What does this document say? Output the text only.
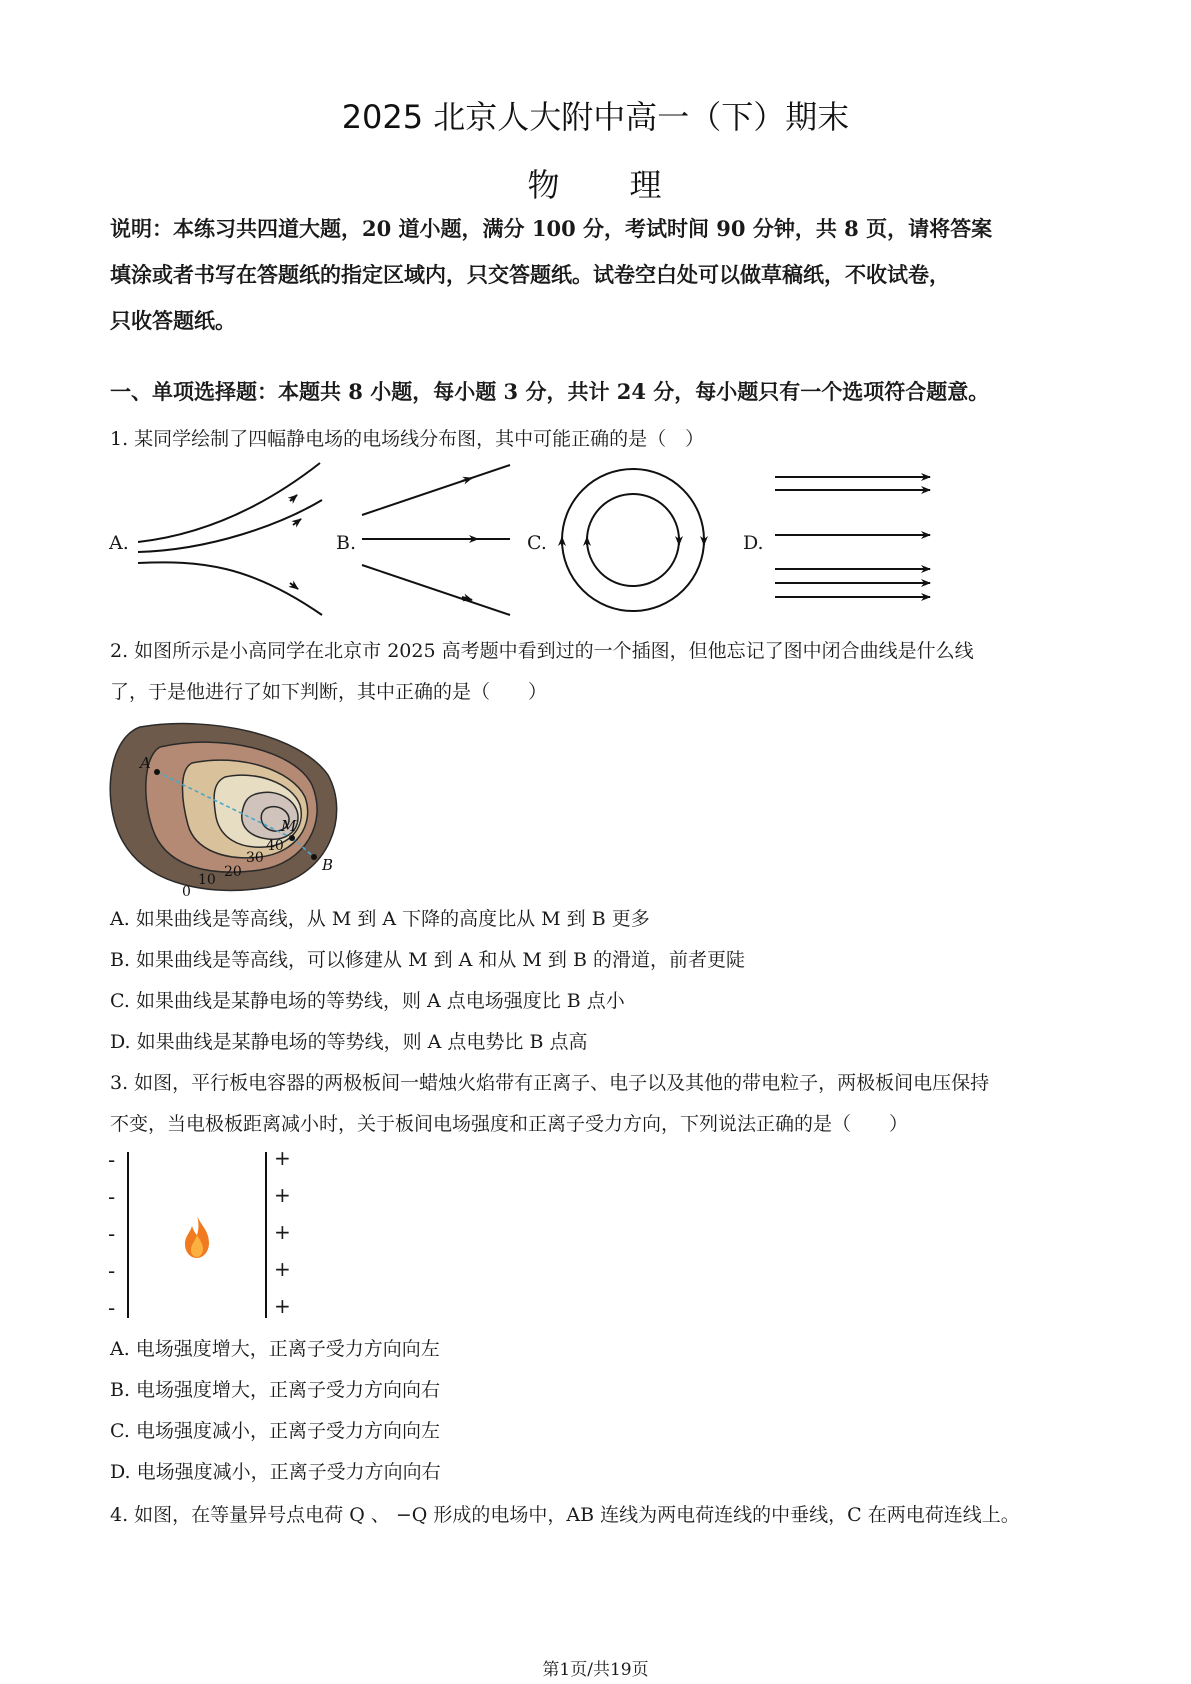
2025 北京人大附中高一（下）期末
物 理
说明：本练习共四道大题，20 道小题，满分 100 分，考试时间 90 分钟，共 8 页，请将答案
填涂或者书写在答题纸的指定区域内，只交答题纸。试卷空白处可以做草稿纸，不收试卷，
只收答题纸。
一、单项选择题：本题共 8 小题，每小题 3 分，共计 24 分，每小题只有一个选项符合题意。
1. 某同学绘制了四幅静电场的电场线分布图，其中可能正确的是（　）
A.	B.	C.	D.
2. 如图所示是小高同学在北京市 2025 高考题中看到过的一个插图，但他忘记了图中闭合曲线是什么线
了，于是他进行了如下判断，其中正确的是（　　）
A
M
B
40
30
20
10
0
A. 如果曲线是等高线，从 M 到 A 下降的高度比从 M 到 B 更多
B. 如果曲线是等高线，可以修建从 M 到 A 和从 M 到 B 的滑道，前者更陡
C. 如果曲线是某静电场的等势线，则 A 点电场强度比 B 点小
D. 如果曲线是某静电场的等势线，则 A 点电势比 B 点高
3. 如图，平行板电容器的两极板间一蜡烛火焰带有正离子、电子以及其他的带电粒子，两极板间电压保持
不变，当电极板距离减小时，关于板间电场强度和正离子受力方向，下列说法正确的是（　　）
-
-
-
-
-
+
+
+
+
+
A. 电场强度增大，正离子受力方向向左
B. 电场强度增大，正离子受力方向向右
C. 电场强度减小，正离子受力方向向左
D. 电场强度减小，正离子受力方向向右
4. 如图，在等量异号点电荷 Q 、 −Q 形成的电场中，AB 连线为两电荷连线的中垂线，C 在两电荷连线上。
第1页/共19页
